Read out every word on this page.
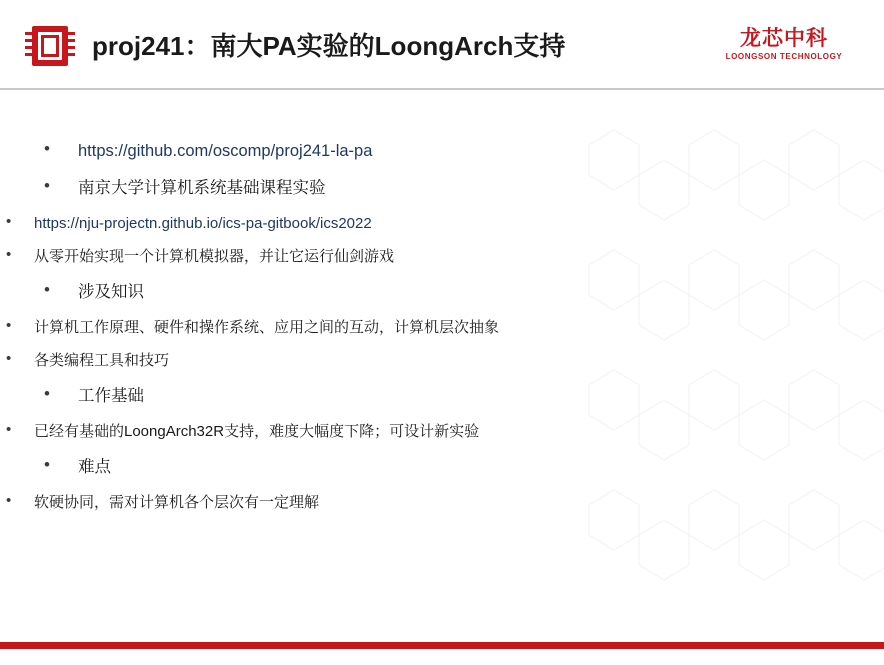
proj241：南大PA实验的LoongArch支持	龙芯中科
LOONGSON TECHNOLOGY
• https://github.com/oscomp/proj241-la-pa
• 南京大学计算机系统基础课程实验
• https://nju-projectn.github.io/ics-pa-gitbook/ics2022
• 从零开始实现一个计算机模拟器，并让它运行仙剑游戏
• 涉及知识
• 计算机工作原理、硬件和操作系统、应用之间的互动，计算机层次抽象
• 各类编程工具和技巧
• 工作基础
• 已经有基础的LoongArch32R支持，难度大幅度下降；可设计新实验
• 难点
• 软硬协同，需对计算机各个层次有一定理解
